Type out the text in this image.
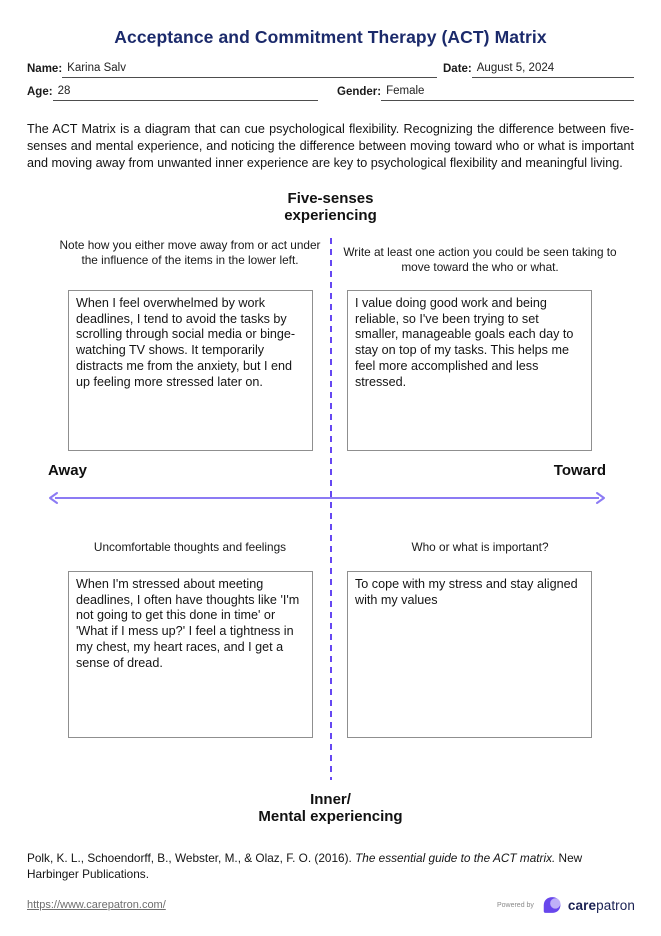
Acceptance and Commitment Therapy (ACT) Matrix
Name: Karina Salv	Date: August 5, 2024
Age: 28	Gender: Female
The ACT Matrix is a diagram that can cue psychological flexibility. Recognizing the difference between five-senses and mental experience, and noticing the difference between moving toward who or what is important and moving away from unwanted inner experience are key to psychological flexibility and meaningful living.
Five-senses
experiencing
Note how you either move away from or act under the influence of the items in the lower left.
Write at least one action you could be seen taking to move toward the who or what.
When I feel overwhelmed by work deadlines, I tend to avoid the tasks by scrolling through social media or binge-watching TV shows. It temporarily distracts me from the anxiety, but I end up feeling more stressed later on.
I value doing good work and being reliable, so I've been trying to set smaller, manageable goals each day to stay on top of my tasks. This helps me feel more accomplished and less stressed.
Away	Toward
Uncomfortable thoughts and feelings	Who or what is important?
When I'm stressed about meeting deadlines, I often have thoughts like 'I'm not going to get this done in time' or 'What if I mess up?' I feel a tightness in my chest, my heart races, and I get a sense of dread.
To cope with my stress and stay aligned with my values
Inner/
Mental experiencing
Polk, K. L., Schoendorff, B., Webster, M., & Olaz, F. O. (2016). The essential guide to the ACT matrix. New Harbinger Publications.
https://www.carepatron.com/	Powered by	carepatron
